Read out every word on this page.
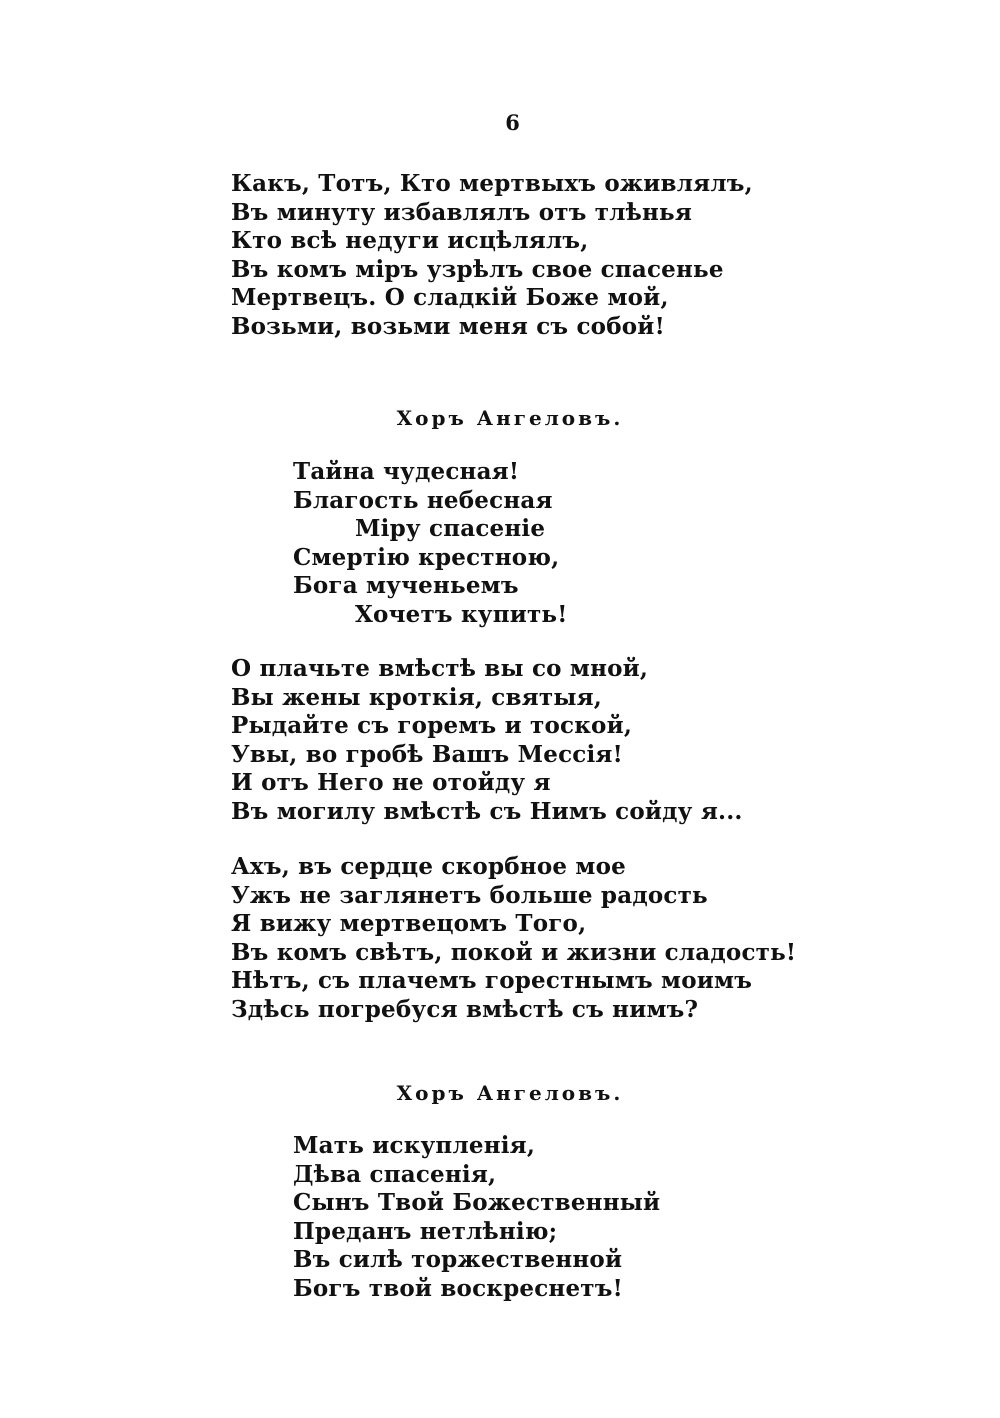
6
Какъ, Тотъ, Кто мертвыхъ оживлялъ,
Въ минуту избавлялъ отъ тлѣнья
Кто всѣ недуги исцѣлялъ,
Въ комъ міръ узрѣлъ свое спасенье
Мертвецъ. О сладкій Боже мой,
Возьми, возьми меня съ собой!
Хоръ Ангеловъ.
Тайна чудесная!
Благость небесная
Міру спасеніе
Смертію крестною,
Бога мученьемъ
Хочетъ купить!
О плачьте вмѣстѣ вы со мной,
Вы жены кроткія, святыя,
Рыдайте съ горемъ и тоской,
Увы, во гробѣ Вашъ Мессія!
И отъ Него не отойду я
Въ могилу вмѣстѣ съ Нимъ сойду я...
Ахъ, въ сердце скорбное мое
Ужъ не заглянетъ больше радость
Я вижу мертвецомъ Того,
Въ комъ свѣтъ, покой и жизни сладость!
Нѣтъ, съ плачемъ горестнымъ моимъ
Здѣсь погребуся вмѣстѣ съ нимъ?
Хоръ Ангеловъ.
Мать искупленія,
Дѣва спасенія,
Сынъ Твой Божественный
Преданъ нетлѣнію;
Въ силѣ торжественной
Богъ твой воскреснетъ!
